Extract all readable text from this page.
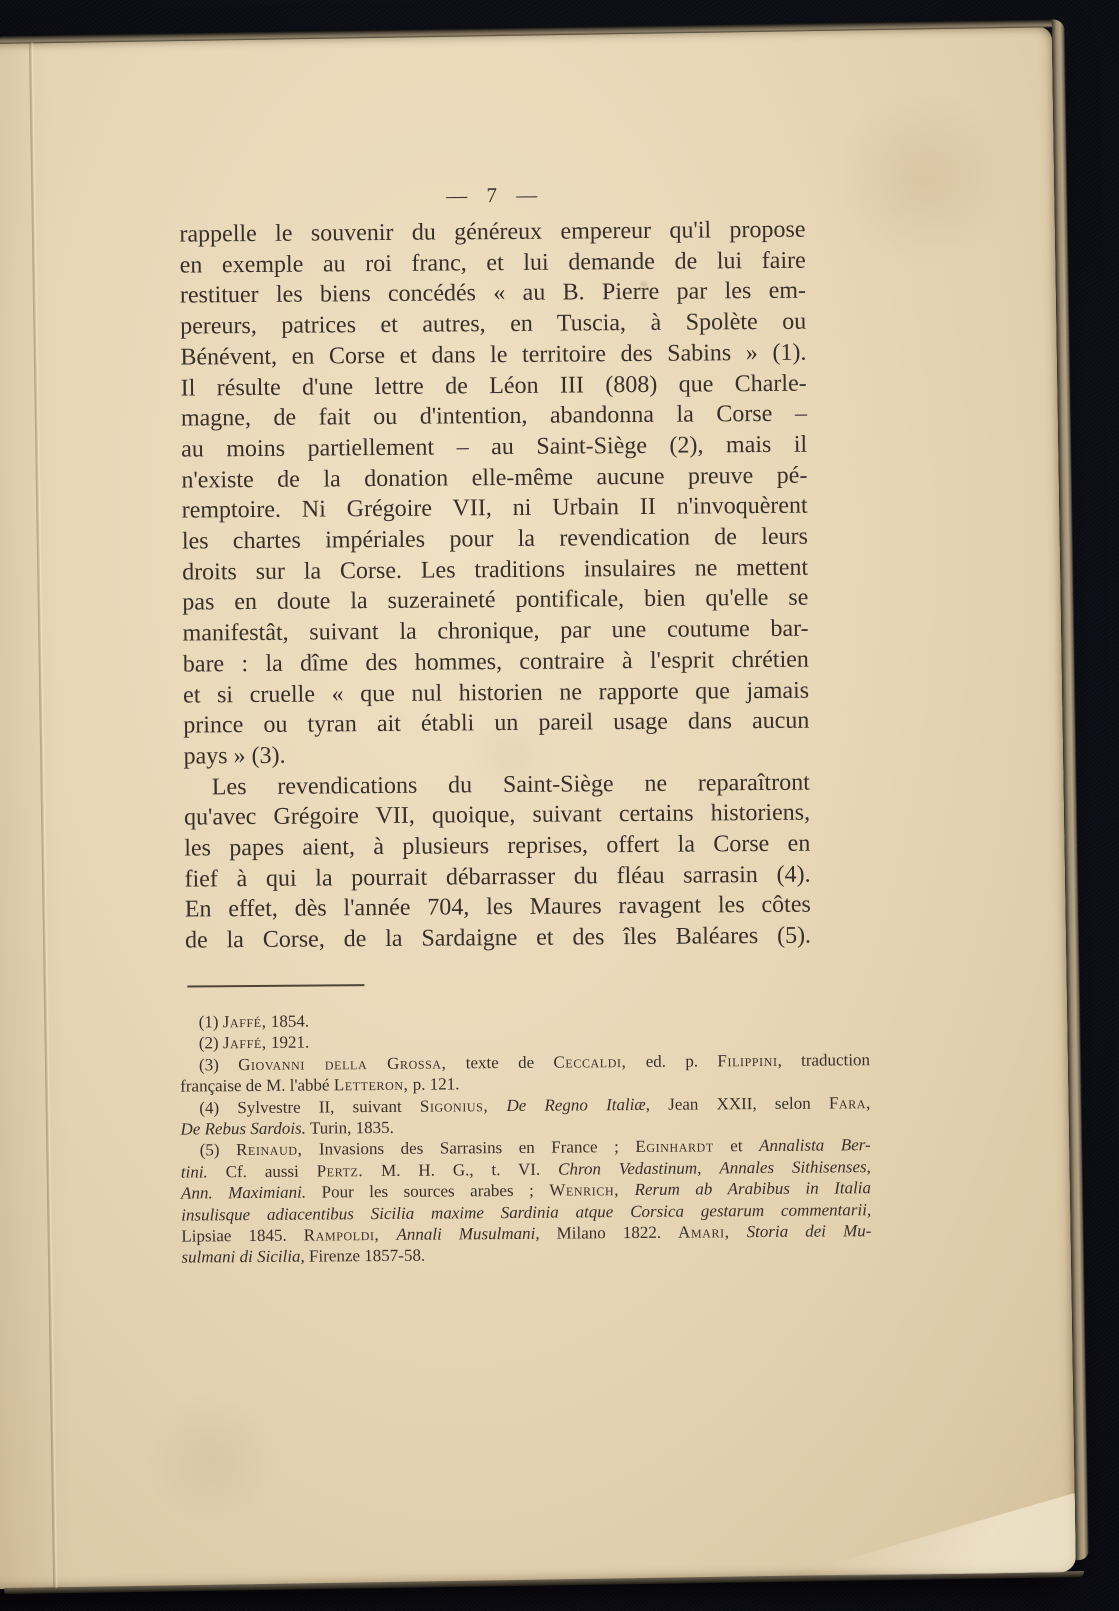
— 7 —
rappelle le souvenir du généreux empereur qu'il propose
en exemple au roi franc, et lui demande de lui faire
restituer les biens concédés « au B. Pierre par les em-
pereurs, patrices et autres, en Tuscia, à Spolète ou
Bénévent, en Corse et dans le territoire des Sabins » (1).
Il résulte d'une lettre de Léon III (808) que Charle-
magne, de fait ou d'intention, abandonna la Corse –
au moins partiellement – au Saint-Siège (2), mais il
n'existe de la donation elle-même aucune preuve pé-
remptoire. Ni Grégoire VII, ni Urbain II n'invoquèrent
les chartes impériales pour la revendication de leurs
droits sur la Corse. Les traditions insulaires ne mettent
pas en doute la suzeraineté pontificale, bien qu'elle se
manifestât, suivant la chronique, par une coutume bar-
bare : la dîme des hommes, contraire à l'esprit chrétien
et si cruelle « que nul historien ne rapporte que jamais
prince ou tyran ait établi un pareil usage dans aucun
pays » (3).
Les revendications du Saint-Siège ne reparaîtront
qu'avec Grégoire VII, quoique, suivant certains historiens,
les papes aient, à plusieurs reprises, offert la Corse en
fief à qui la pourrait débarrasser du fléau sarrasin (4).
En effet, dès l'année 704, les Maures ravagent les côtes
de la Corse, de la Sardaigne et des îles Baléares (5).
(1) Jaffé, 1854.
(2) Jaffé, 1921.
(3) Giovanni della Grossa, texte de Ceccaldi, ed. p. Filippini, traduction
française de M. l'abbé Letteron, p. 121.
(4) Sylvestre II, suivant Sigonius, De Regno Italiæ, Jean XXII, selon Fara,
De Rebus Sardois. Turin, 1835.
(5) Reinaud, Invasions des Sarrasins en France ; Eginhardt et Annalista Ber-
tini. Cf. aussi Pertz. M. H. G., t. VI. Chron Vedastinum, Annales Sithisenses,
Ann. Maximiani. Pour les sources arabes ; Wenrich, Rerum ab Arabibus in Italia
insulisque adiacentibus Sicilia maxime Sardinia atque Corsica gestarum commentarii,
Lipsiae 1845. Rampoldi, Annali Musulmani, Milano 1822. Amari, Storia dei Mu-
sulmani di Sicilia, Firenze 1857-58.
